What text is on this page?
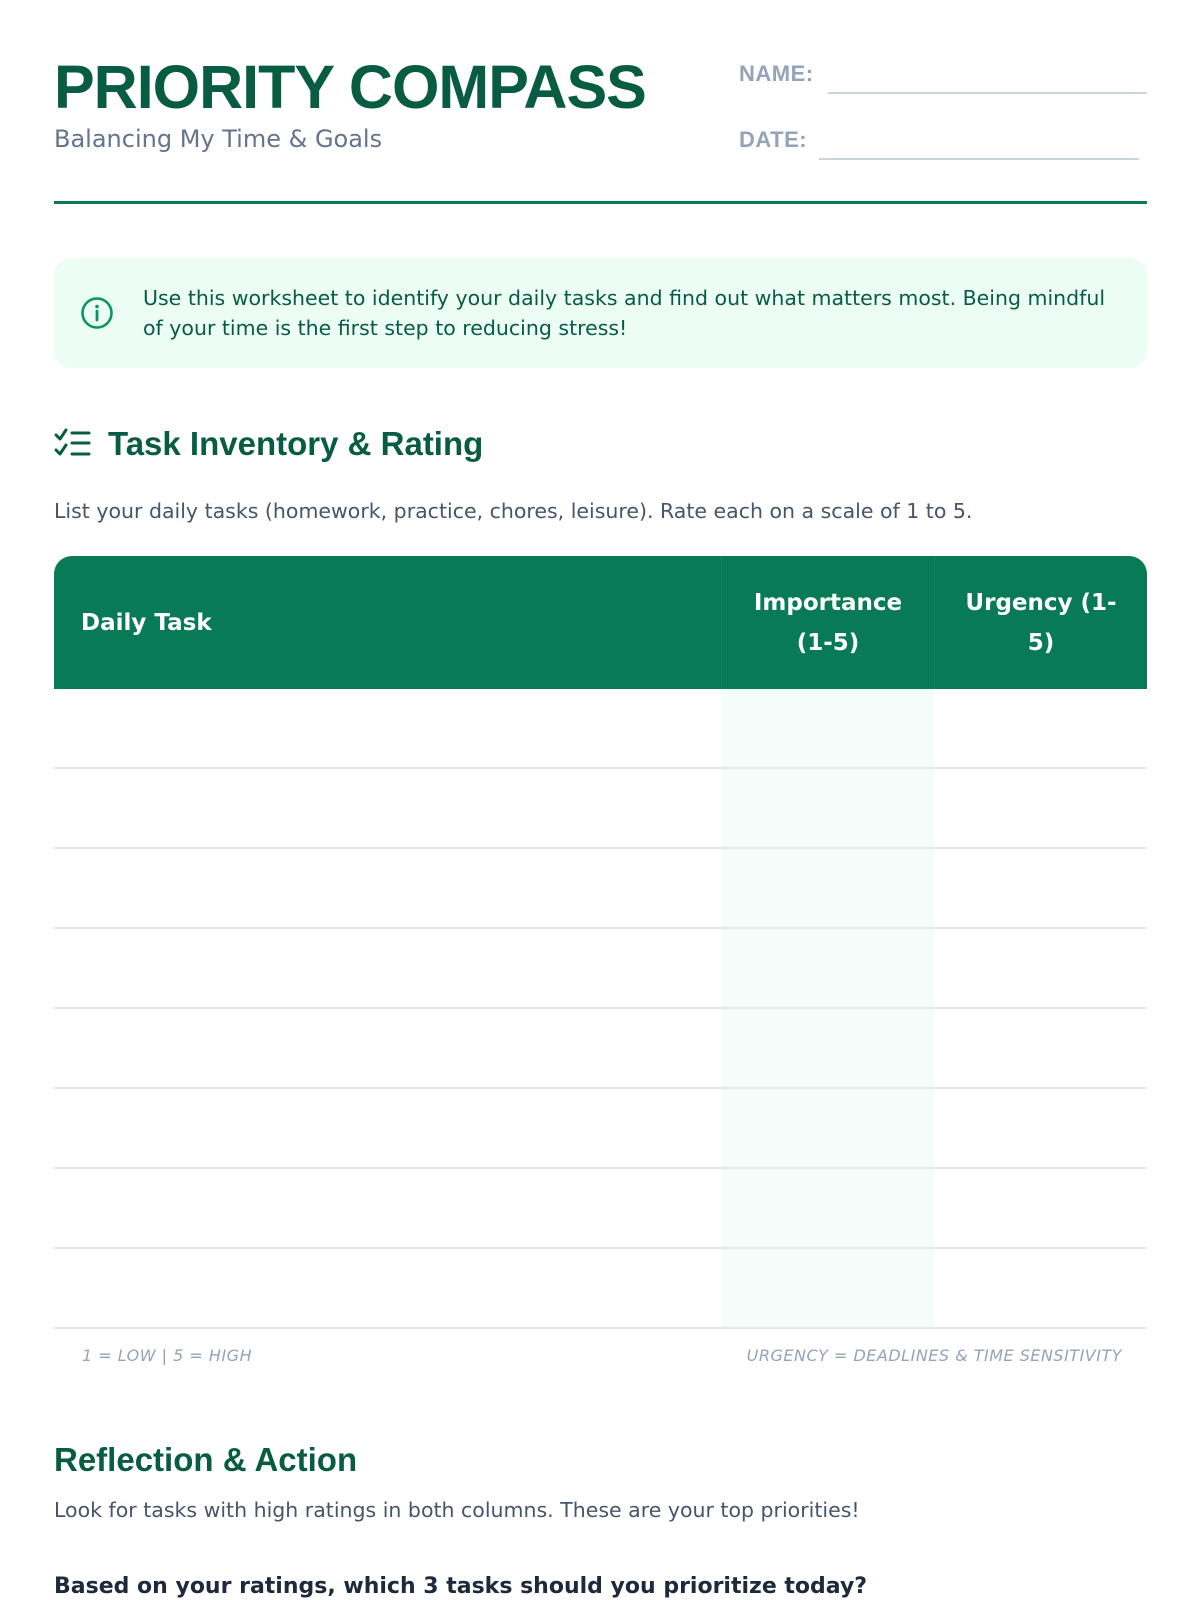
PRIORITY COMPASS
Balancing My Time & Goals
NAME:
DATE:
Use this worksheet to identify your daily tasks and find out what matters most. Being mindful of your time is the first step to reducing stress!
Task Inventory & Rating
List your daily tasks (homework, practice, chores, leisure). Rate each on a scale of 1 to 5.
Daily Task
Importance (1-5)
Urgency (1-5)
1 = LOW | 5 = HIGH	URGENCY = DEADLINES & TIME SENSITIVITY
Reflection & Action
Look for tasks with high ratings in both columns. These are your top priorities!
Based on your ratings, which 3 tasks should you prioritize today?
